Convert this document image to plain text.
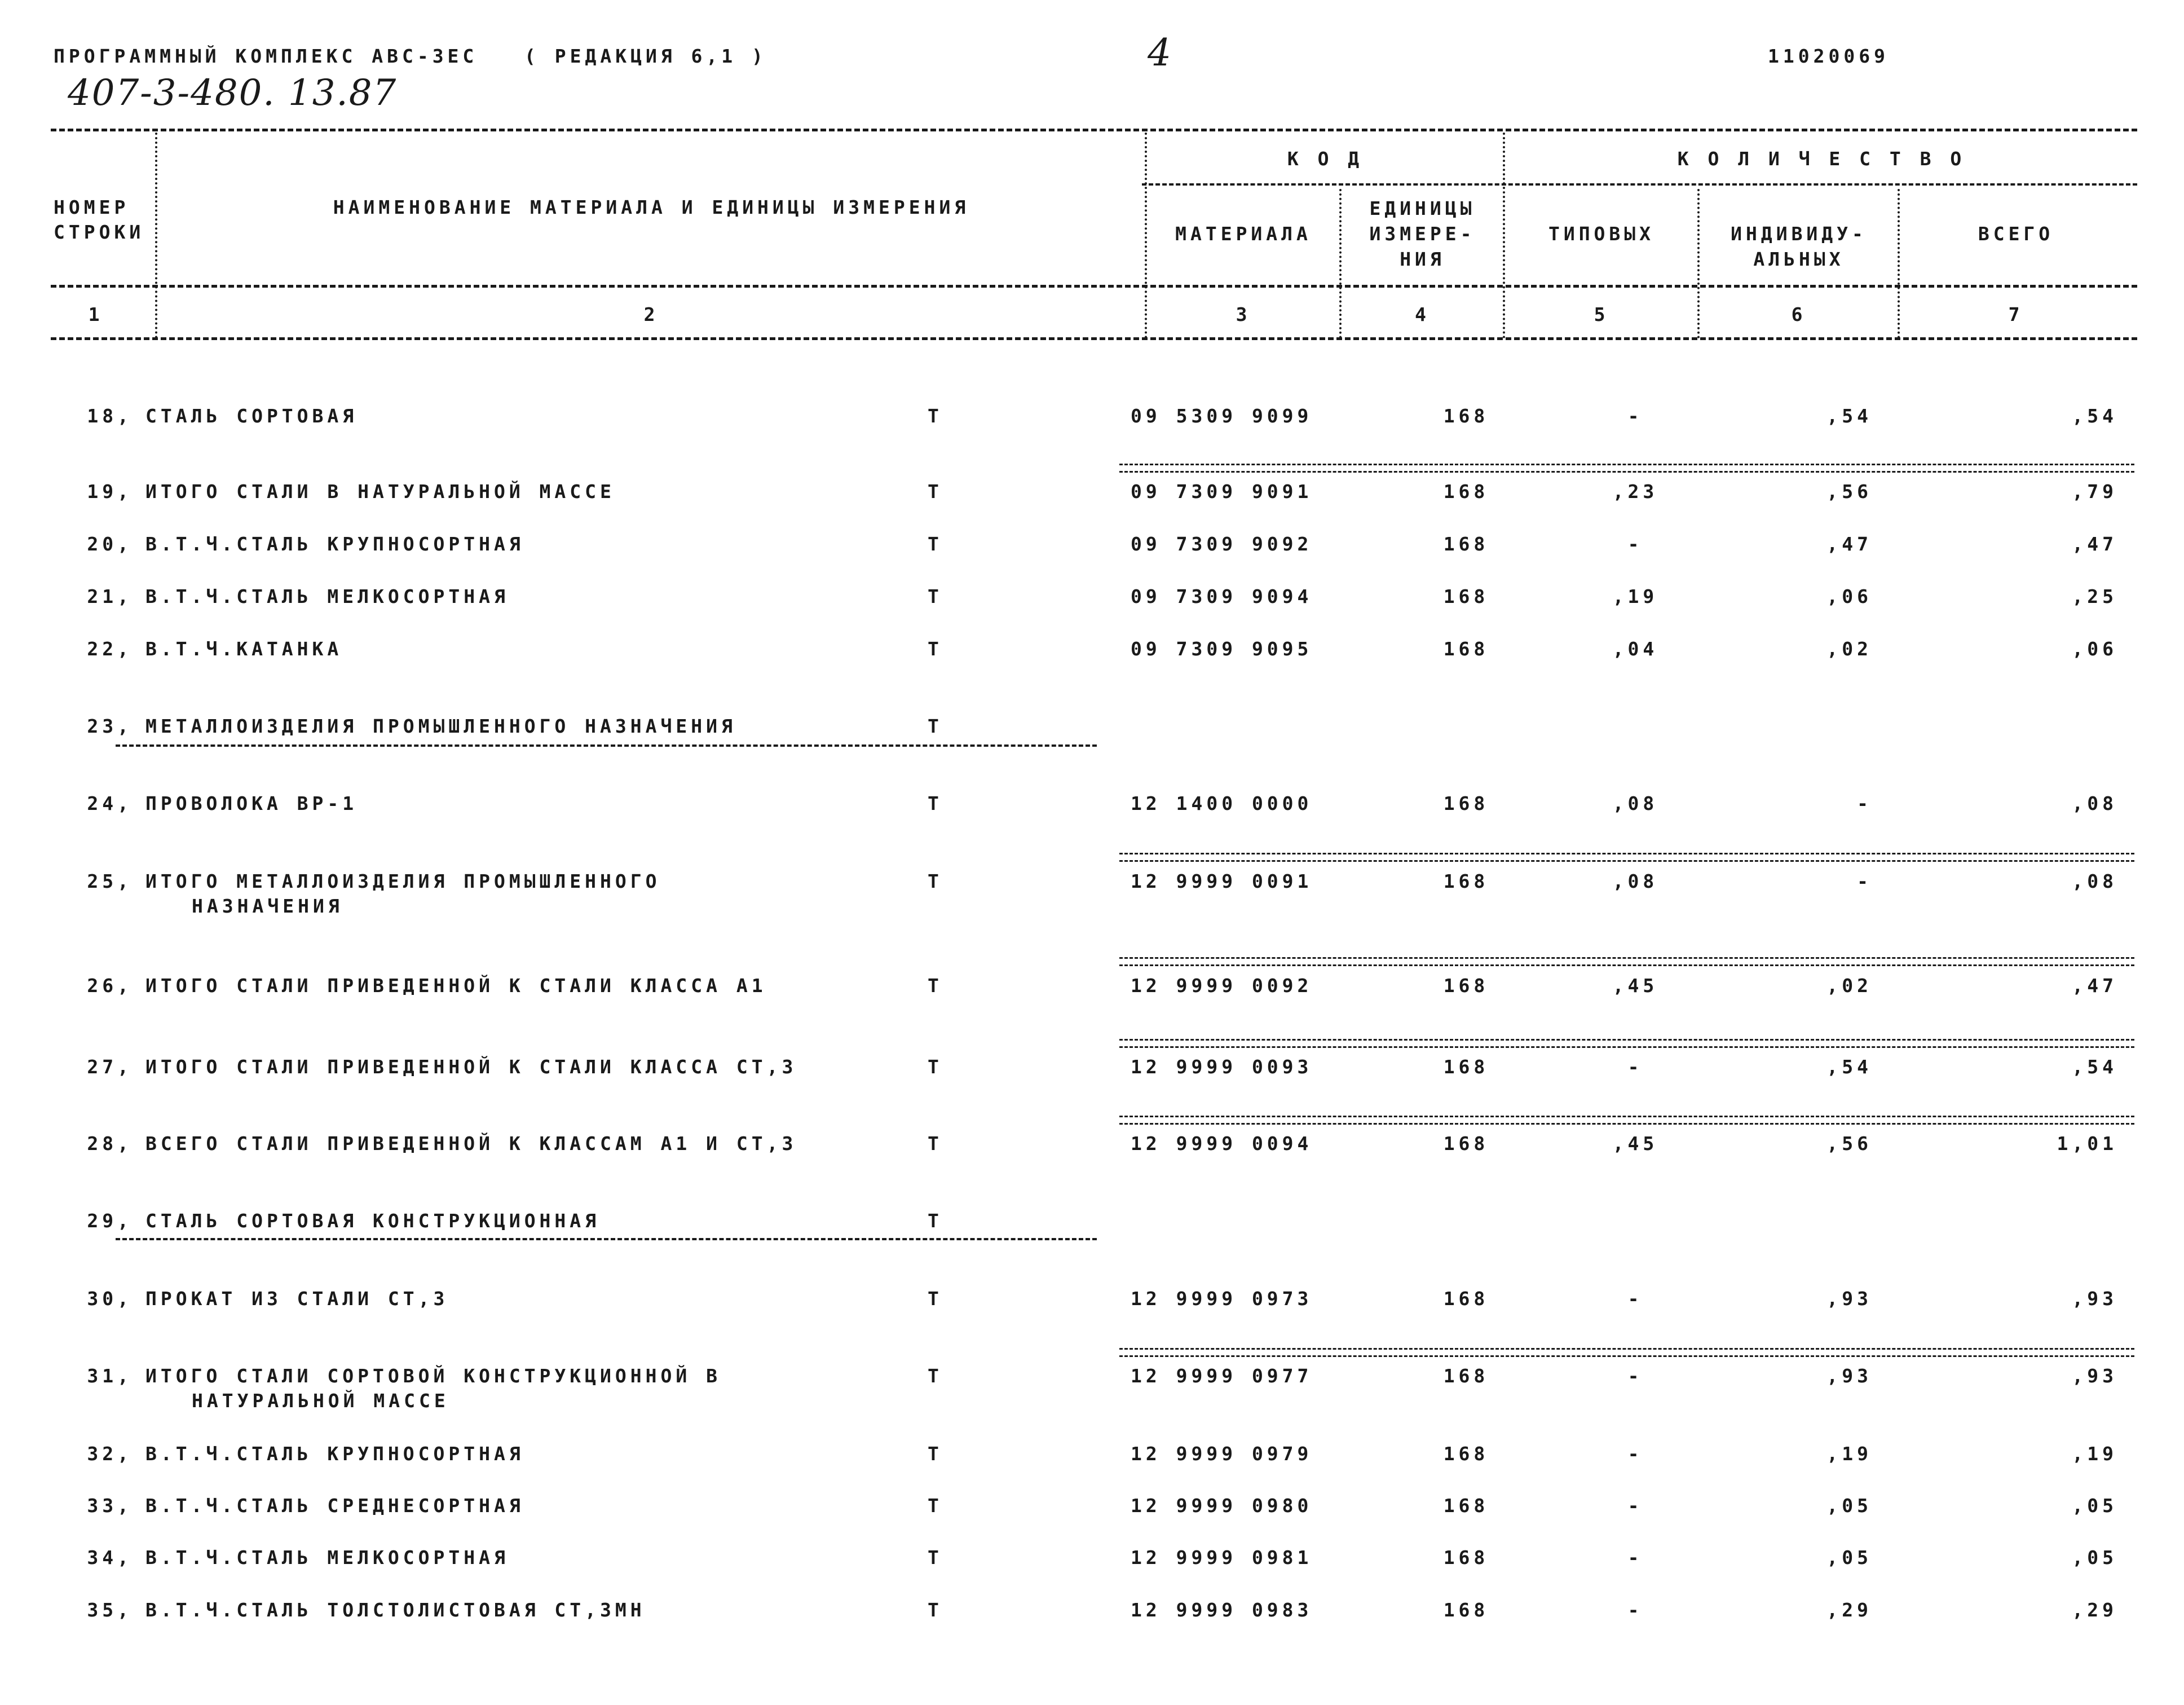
ПРОГРАММНЫЙ КОМПЛЕКС АВС-ЗЕС	( РЕДАКЦИЯ 6,1 )	4	11020069
407-3-480. 13.87
НОМЕР
СТРОКИ
НАИМЕНОВАНИЕ МАТЕРИАЛА И ЕДИНИЦЫ ИЗМЕРЕНИЯ
К О Д	К О Л И Ч Е С Т В О
МАТЕРИАЛА
ЕДИНИЦЫ
ИЗМЕРЕ-
НИЯ
ТИПОВЫХ	ИНДИВИДУ-
АЛЬНЫХ
ВСЕГО
1	2	3	4	5	6	7
18, СТАЛЬ СОРТОВАЯ	Т	09 5309 9099	168	-	,54	,54
19, ИТОГО СТАЛИ В НАТУРАЛЬНОЙ МАССЕ	Т	09 7309 9091	168	,23	,56	,79
20, В.Т.Ч.СТАЛЬ КРУПНОСОРТНАЯ	Т	09 7309 9092	168	-	,47	,47
21, В.Т.Ч.СТАЛЬ МЕЛКОСОРТНАЯ	Т	09 7309 9094	168	,19	,06	,25
22, В.Т.Ч.КАТАНКА	Т	09 7309 9095	168	,04	,02	,06
23, МЕТАЛЛОИЗДЕЛИЯ ПРОМЫШЛЕННОГО НАЗНАЧЕНИЯ	Т
24, ПРОВОЛОКА ВР-1	Т	12 1400 0000	168	,08	-	,08
25, ИТОГО МЕТАЛЛОИЗДЕЛИЯ ПРОМЫШЛЕННОГО	Т	12 9999 0091	168	,08	-	,08
НАЗНАЧЕНИЯ
26, ИТОГО СТАЛИ ПРИВЕДЕННОЙ К СТАЛИ КЛАССА А1	Т	12 9999 0092	168	,45	,02	,47
27, ИТОГО СТАЛИ ПРИВЕДЕННОЙ К СТАЛИ КЛАССА СТ,3	Т	12 9999 0093	168	-	,54	,54
28, ВСЕГО СТАЛИ ПРИВЕДЕННОЙ К КЛАССАМ А1 И СТ,3	Т	12 9999 0094	168	,45	,56	1,01
29, СТАЛЬ СОРТОВАЯ КОНСТРУКЦИОННАЯ	Т
30, ПРОКАТ ИЗ СТАЛИ СТ,3	Т	12 9999 0973	168	-	,93	,93
31, ИТОГО СТАЛИ СОРТОВОЙ КОНСТРУКЦИОННОЙ В	Т	12 9999 0977	168	-	,93	,93
НАТУРАЛЬНОЙ МАССЕ
32, В.Т.Ч.СТАЛЬ КРУПНОСОРТНАЯ	Т	12 9999 0979	168	-	,19	,19
33, В.Т.Ч.СТАЛЬ СРЕДНЕСОРТНАЯ	Т	12 9999 0980	168	-	,05	,05
34, В.Т.Ч.СТАЛЬ МЕЛКОСОРТНАЯ	Т	12 9999 0981	168	-	,05	,05
35, В.Т.Ч.СТАЛЬ ТОЛСТОЛИСТОВАЯ СТ,3МН	Т	12 9999 0983	168	-	,29	,29
